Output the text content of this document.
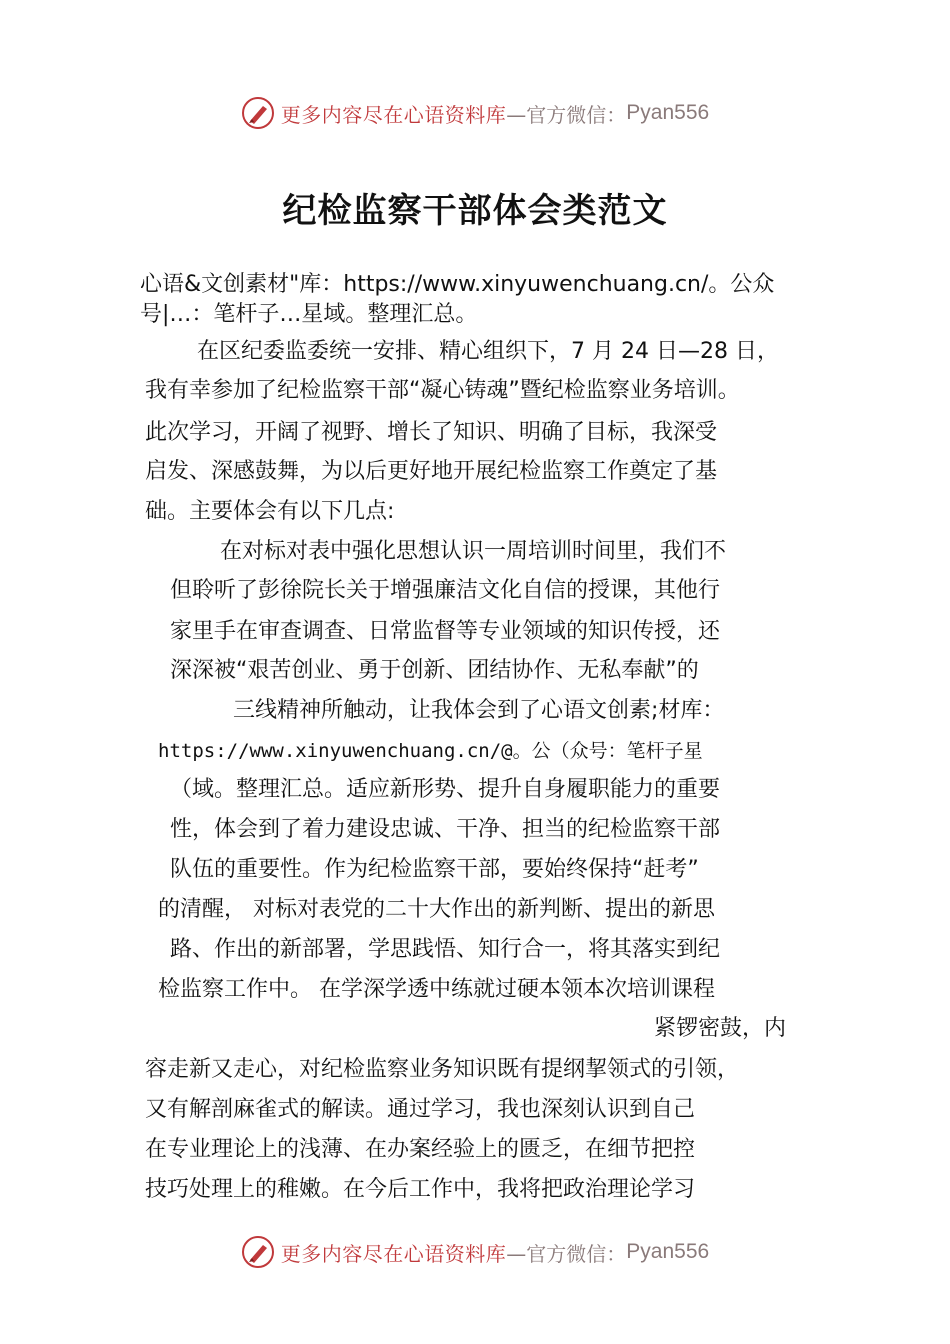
更多内容尽在心语资料库 —官方微信： Pyan556
纪检监察干部体会类范文
心语&文创素材"库：https://www.xinyuwenchuang.cn/。公众
号|…：笔杆子…星域。整理汇总。
在区纪委监委统一安排、精心组织下，7 月 24 日—28 日，
我有幸参加了纪检监察干部“凝心铸魂”暨纪检监察业务培训。
此次学习，开阔了视野、增长了知识、明确了目标，我深受
启发、深感鼓舞，为以后更好地开展纪检监察工作奠定了基
础。主要体会有以下几点:
在对标对表中强化思想认识一周培训时间里，我们不
但聆听了彭徐院长关于增强廉洁文化自信的授课，其他行
家里手在审查调查、日常监督等专业领域的知识传授，还
深深被“艰苦创业、勇于创新、团结协作、无私奉献”的
三线精神所触动，让我体会到了心语文创素;材库：
https://www.xinyuwenchuang.cn/@。公（众号：笔杆子星
（域。整理汇总。适应新形势、提升自身履职能力的重要
性，体会到了着力建设忠诚、干净、担当的纪检监察干部
队伍的重要性。作为纪检监察干部，要始终保持“赶考”
的清醒， 对标对表党的二十大作出的新判断、提出的新思
路、作出的新部署，学思践悟、知行合一，将其落实到纪
检监察工作中。 在学深学透中练就过硬本领本次培训课程
紧锣密鼓，内
容走新又走心，对纪检监察业务知识既有提纲挈领式的引领，
又有解剖麻雀式的解读。通过学习，我也深刻认识到自己
在专业理论上的浅薄、在办案经验上的匮乏，在细节把控
技巧处理上的稚嫩。在今后工作中，我将把政治理论学习
更多内容尽在心语资料库 —官方微信： Pyan556
